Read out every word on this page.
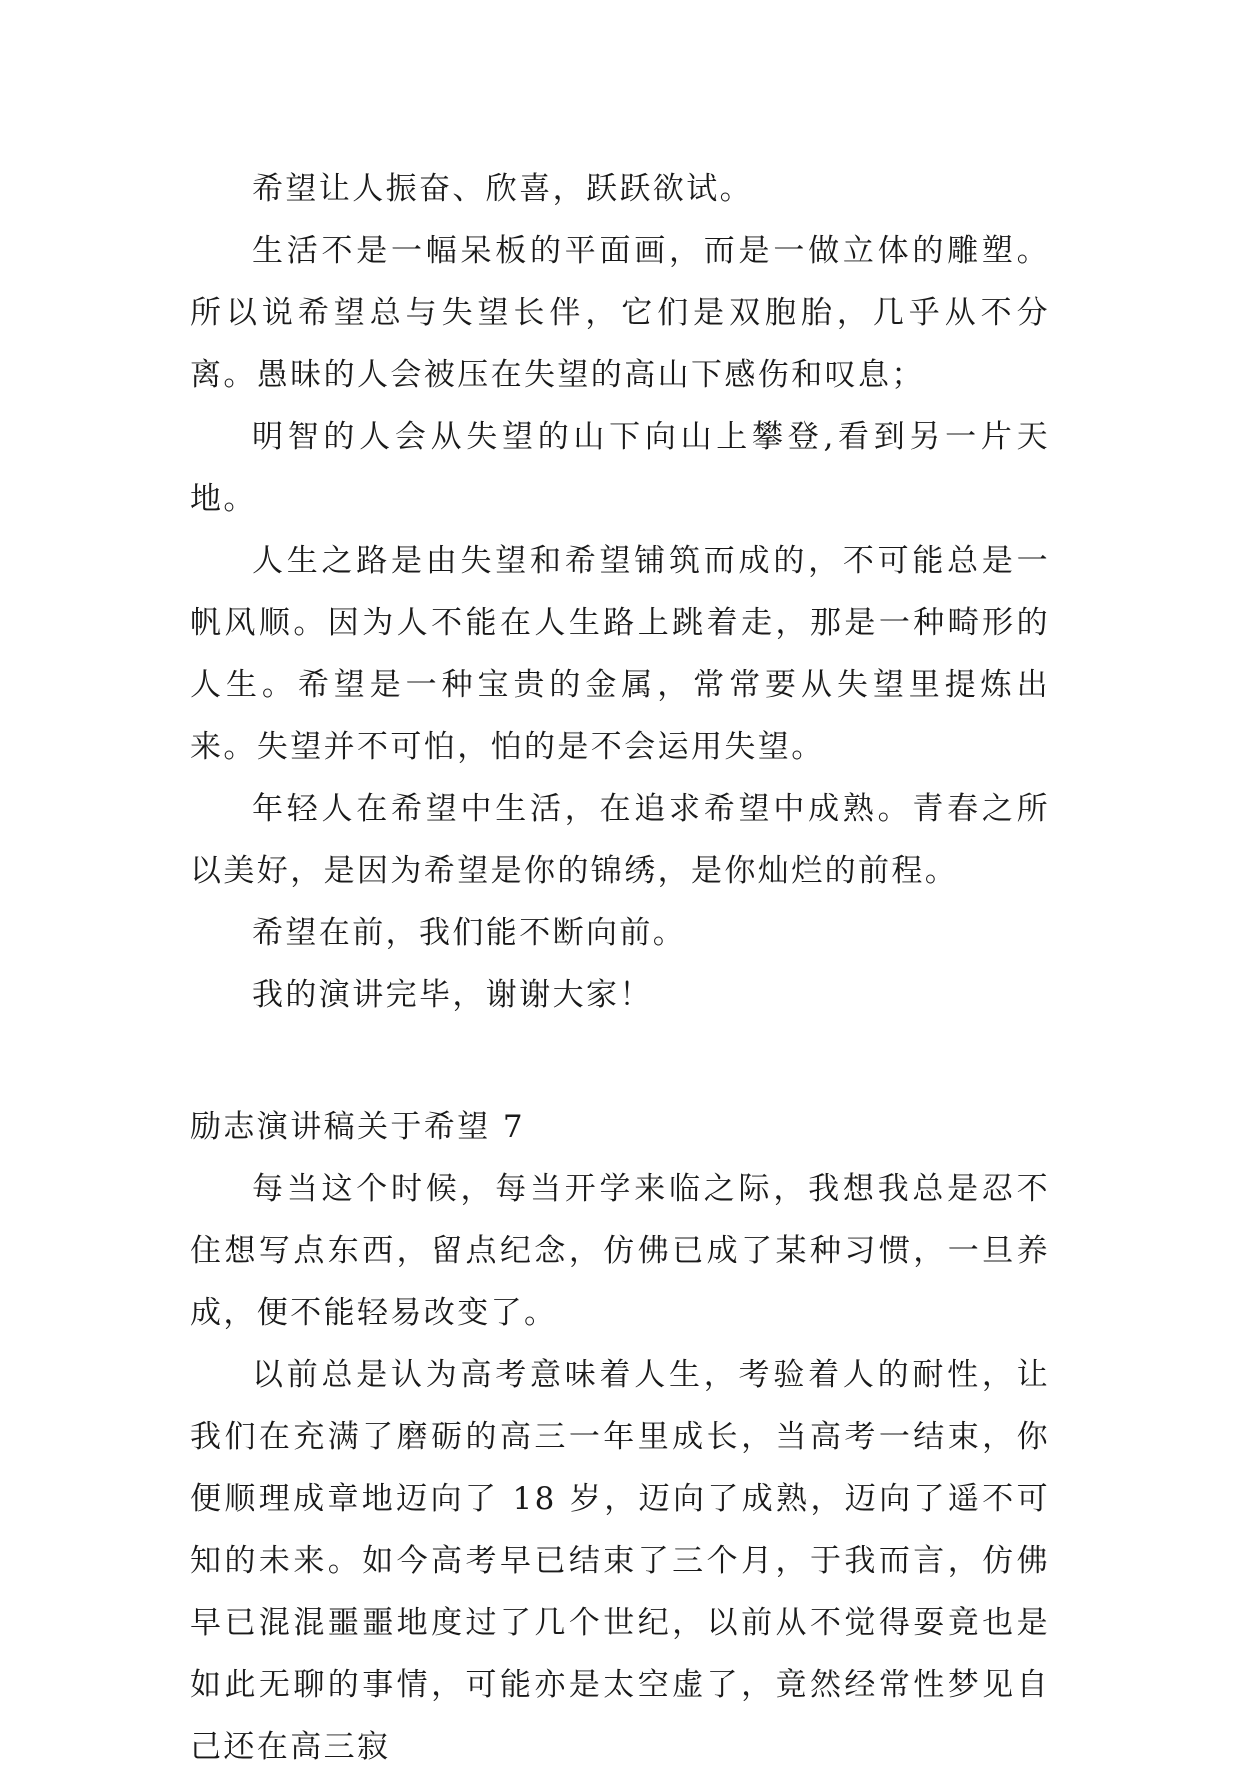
希望让人振奋、欣喜，跃跃欲试。

生活不是一幅呆板的平面画，而是一做立体的雕塑。所以说希望总与失望长伴，它们是双胞胎，几乎从不分离。愚昧的人会被压在失望的高山下感伤和叹息；

明智的人会从失望的山下向山上攀登,看到另一片天地。

人生之路是由失望和希望铺筑而成的，不可能总是一帆风顺。因为人不能在人生路上跳着走，那是一种畸形的人生。希望是一种宝贵的金属，常常要从失望里提炼出来。失望并不可怕，怕的是不会运用失望。

年轻人在希望中生活，在追求希望中成熟。青春之所以美好，是因为希望是你的锦绣，是你灿烂的前程。

希望在前，我们能不断向前。

我的演讲完毕，谢谢大家！

励志演讲稿关于希望 7

每当这个时候，每当开学来临之际，我想我总是忍不住想写点东西，留点纪念，仿佛已成了某种习惯，一旦养成，便不能轻易改变了。

以前总是认为高考意味着人生，考验着人的耐性，让我们在充满了磨砺的高三一年里成长，当高考一结束，你便顺理成章地迈向了 18 岁，迈向了成熟，迈向了遥不可知的未来。如今高考早已结束了三个月，于我而言，仿佛早已混混噩噩地度过了几个世纪，以前从不觉得耍竟也是如此无聊的事情，可能亦是太空虚了，竟然经常性梦见自己还在高三寂
